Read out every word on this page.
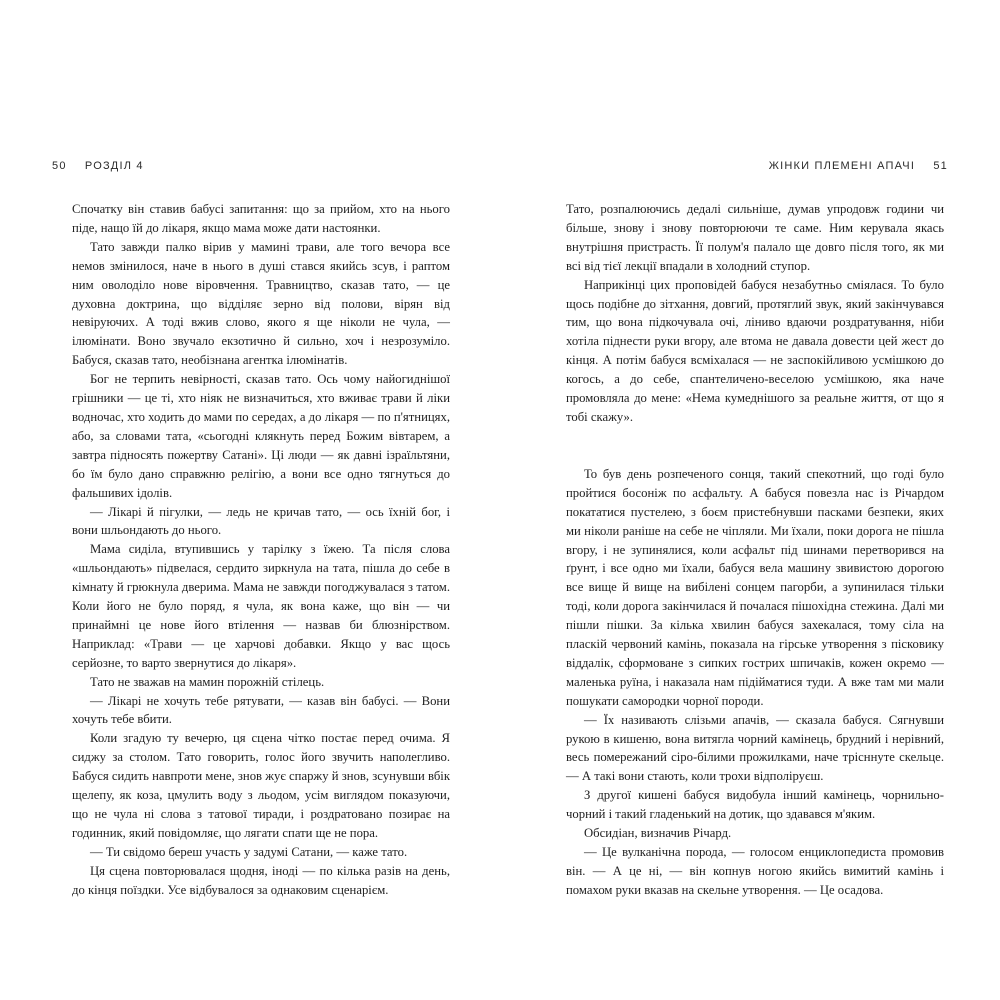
50 РОЗДІЛ 4	ЖІНКИ ПЛЕМЕНІ АПАЧІ 51

Спочатку він ставив бабусі запитання: що за прийом, хто на нього піде, нащо їй до лікаря, якщо мама може дати настоянки.

Тато завжди палко вірив у мамині трави, але того вечора все немов змінилося, наче в нього в душі стався якийсь зсув, і раптом ним оволоділо нове віровчення. Травництво, сказав тато, — це духовна доктрина, що відділяє зерно від полови, вірян від невіруючих. А тоді вжив слово, якого я ще ніколи не чула, — ілюмінати. Воно звучало екзотично й сильно, хоч і незрозуміло. Бабуся, сказав тато, необізнана агентка ілюмінатів.

Бог не терпить невірності, сказав тато. Ось чому найогиднішої грішники — це ті, хто ніяк не визначиться, хто вживає трави й ліки водночас, хто ходить до мами по середах, а до лікаря — по п'ятницях, або, за словами тата, «сьогодні клякнуть перед Божим вівтарем, а завтра підносять пожертву Сатані». Ці люди — як давні ізраїльтяни, бо їм було дано справжню релігію, а вони все одно тягнуться до фальшивих ідолів.

— Лікарі й пігулки, — ледь не кричав тато, — ось їхній бог, і вони шльондають до нього.

Мама сиділа, втупившись у тарілку з їжею. Та після слова «шльондають» підвелася, сердито зиркнула на тата, пішла до себе в кімнату й грюкнула дверима. Мама не завжди погоджувалася з татом. Коли його не було поряд, я чула, як вона каже, що він — чи принаймні це нове його втілення — назвав би блюзнірством. Наприклад: «Трави — це харчові добавки. Якщо у вас щось серйозне, то варто звернутися до лікаря».

Тато не зважав на мамин порожній стілець.

— Лікарі не хочуть тебе рятувати, — казав він бабусі. — Вони хочуть тебе вбити.

Коли згадую ту вечерю, ця сцена чітко постає перед очима. Я сиджу за столом. Тато говорить, голос його звучить наполегливо. Бабуся сидить навпроти мене, знов жує спаржу й знов, зсунувши вбік щелепу, як коза, цмулить воду з льодом, усім виглядом показуючи, що не чула ні слова з татової тиради, і роздратовано позирає на годинник, який повідомляє, що лягати спати ще не пора.

— Ти свідомо береш участь у задумі Сатани, — каже тато.

Ця сцена повторювалася щодня, іноді — по кілька разів на день, до кінця поїздки. Усе відбувалося за однаковим сценарієм.

Тато, розпалюючись дедалі сильніше, думав упродовж години чи більше, знову і знову повторюючи те саме. Ним керувала якась внутрішня пристрасть. Її полум'я палало ще довго після того, як ми всі від тієї лекції впадали в холодний ступор.

Наприкінці цих проповідей бабуся незабутньо сміялася. То було щось подібне до зітхання, довгий, протяглий звук, який закінчувався тим, що вона підкочувала очі, ліниво вдаючи роздратування, ніби хотіла піднести руки вгору, але втома не давала довести цей жест до кінця. А потім бабуся всміхалася — не заспокійливою усмішкою до когось, а до себе, спантеличено-веселою усмішкою, яка наче промовляла до мене: «Нема кумеднішого за реальне життя, от що я тобі скажу».

То був день розпеченого сонця, такий спекотний, що годі було пройтися босоніж по асфальту. А бабуся повезла нас із Річардом покататися пустелею, з боєм пристебнувши пасками безпеки, яких ми ніколи раніше на себе не чіпляли. Ми їхали, поки дорога не пішла вгору, і не зупинялися, коли асфальт під шинами перетворився на ґрунт, і все одно ми їхали, бабуся вела машину звивистою дорогою все вище й вище на вибілені сонцем пагорби, а зупинилася тільки тоді, коли дорога закінчилася й почалася пішохідна стежина. Далі ми пішли пішки. За кілька хвилин бабуся захекалася, тому сіла на пласкій червоний камінь, показала на гірське утворення з пісковику віддалік, сформоване з сипких гострих шпичаків, кожен окремо — маленька руїна, і наказала нам підійматися туди. А вже там ми мали пошукати самородки чорної породи.

— Їх називають слізьми апачів, — сказала бабуся. Сягнувши рукою в кишеню, вона витягла чорний камінець, брудний і нерівний, весь помережаний сіро-білими прожилками, наче трісннуте скельце. — А такі вони стають, коли трохи відполіруєш.

З другої кишені бабуся видобула інший камінець, чорнильно-чорний і такий гладенький на дотик, що здавався м'яким.

Обсидіан, визначив Річард.

— Це вулканічна порода, — голосом енциклопедиста промовив він. — А це ні, — він копнув ногою якийсь вимитий камінь і помахом руки вказав на скельне утворення. — Це осадова.
